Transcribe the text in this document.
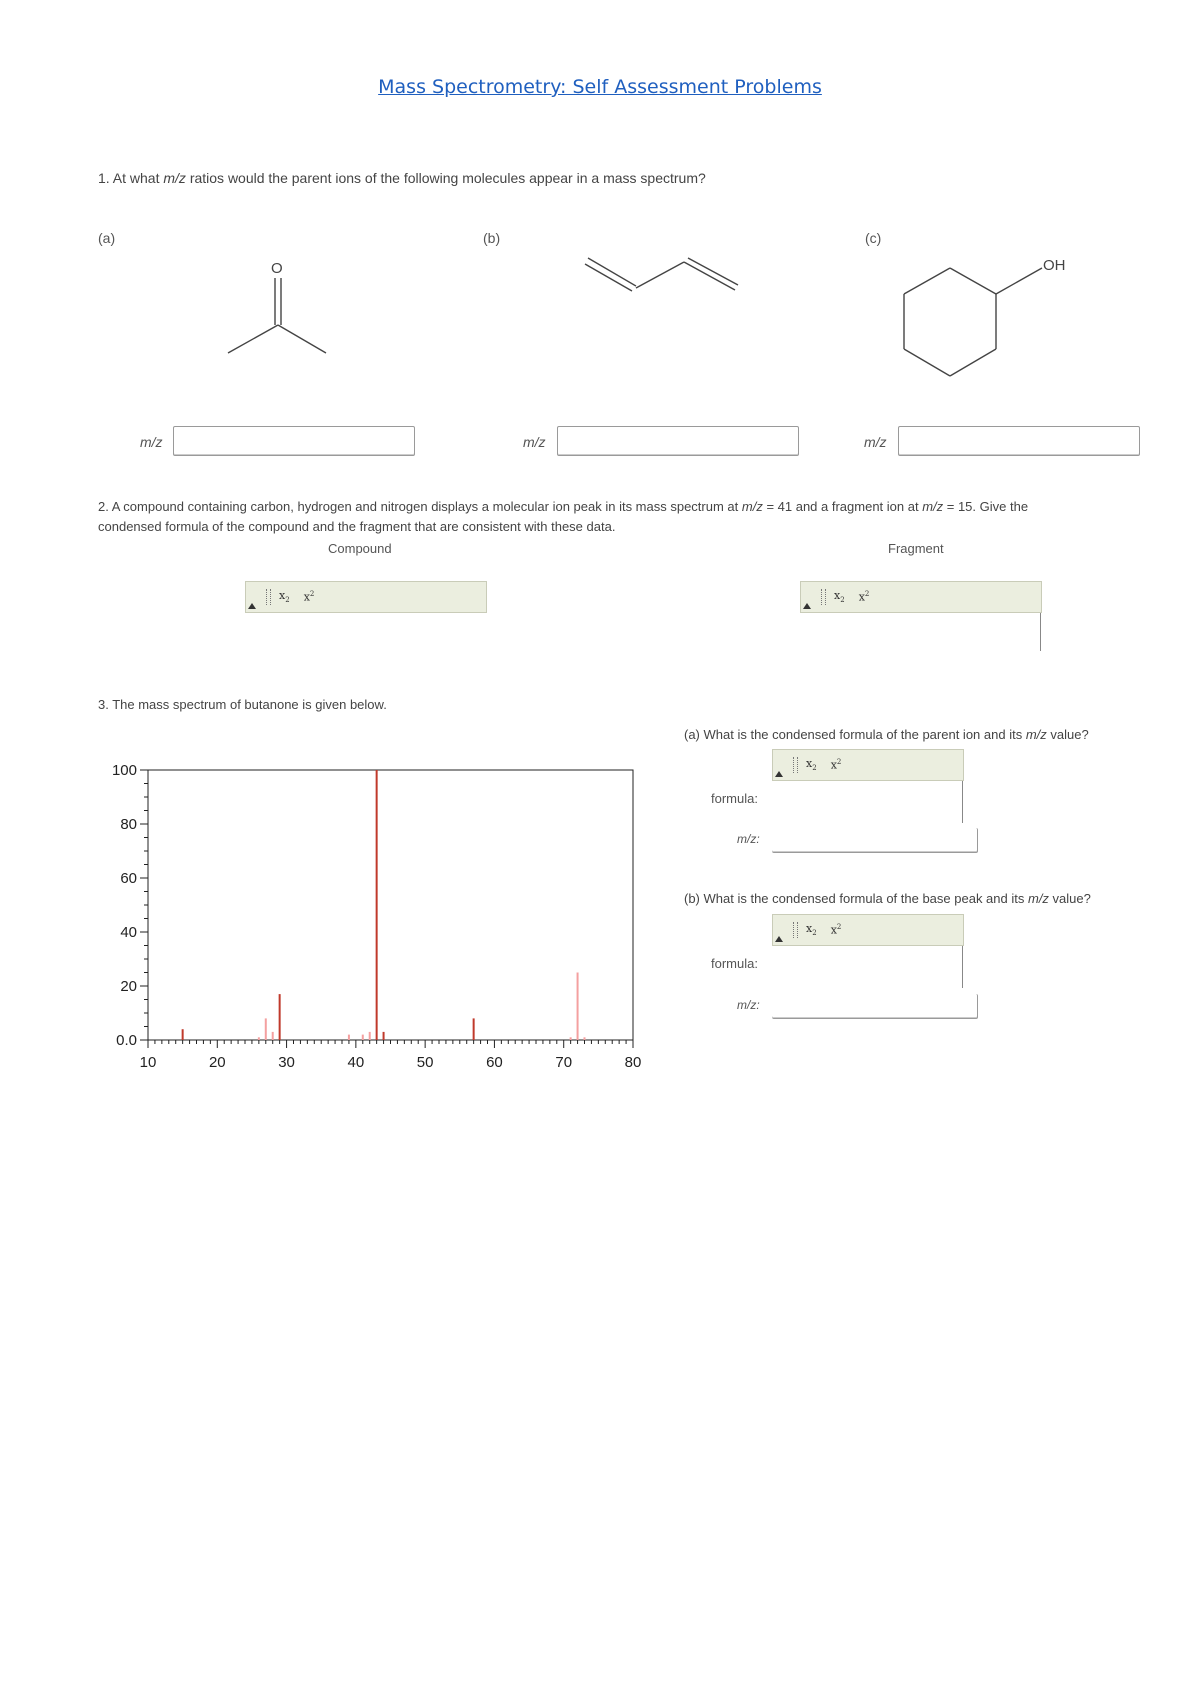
Mass Spectrometry: Self Assessment Problems
1. At what m/z ratios would the parent ions of the following molecules appear in a mass spectrum?
(a)	(b)	(c)
O	OH
m/z	m/z	m/z
2. A compound containing carbon, hydrogen and nitrogen displays a molecular ion peak in its mass spectrum at m/z = 41 and a fragment ion at m/z = 15. Give the
condensed formula of the compound and the fragment that are consistent with these data.
Compound	Fragment
$x_2$ $x^2$	$x_2$ $x^2$
3. The mass spectrum of butanone is given below.
(a) What is the condensed formula of the parent ion and its m/z value?
$x_2$ $x^2$
formula:
m/z:
(b) What is the condensed formula of the base peak and its m/z value?
$x_2$ $x^2$
formula:
m/z:
10	20	30	40	50	60	70	80
0.0
20
40
60
80
100
